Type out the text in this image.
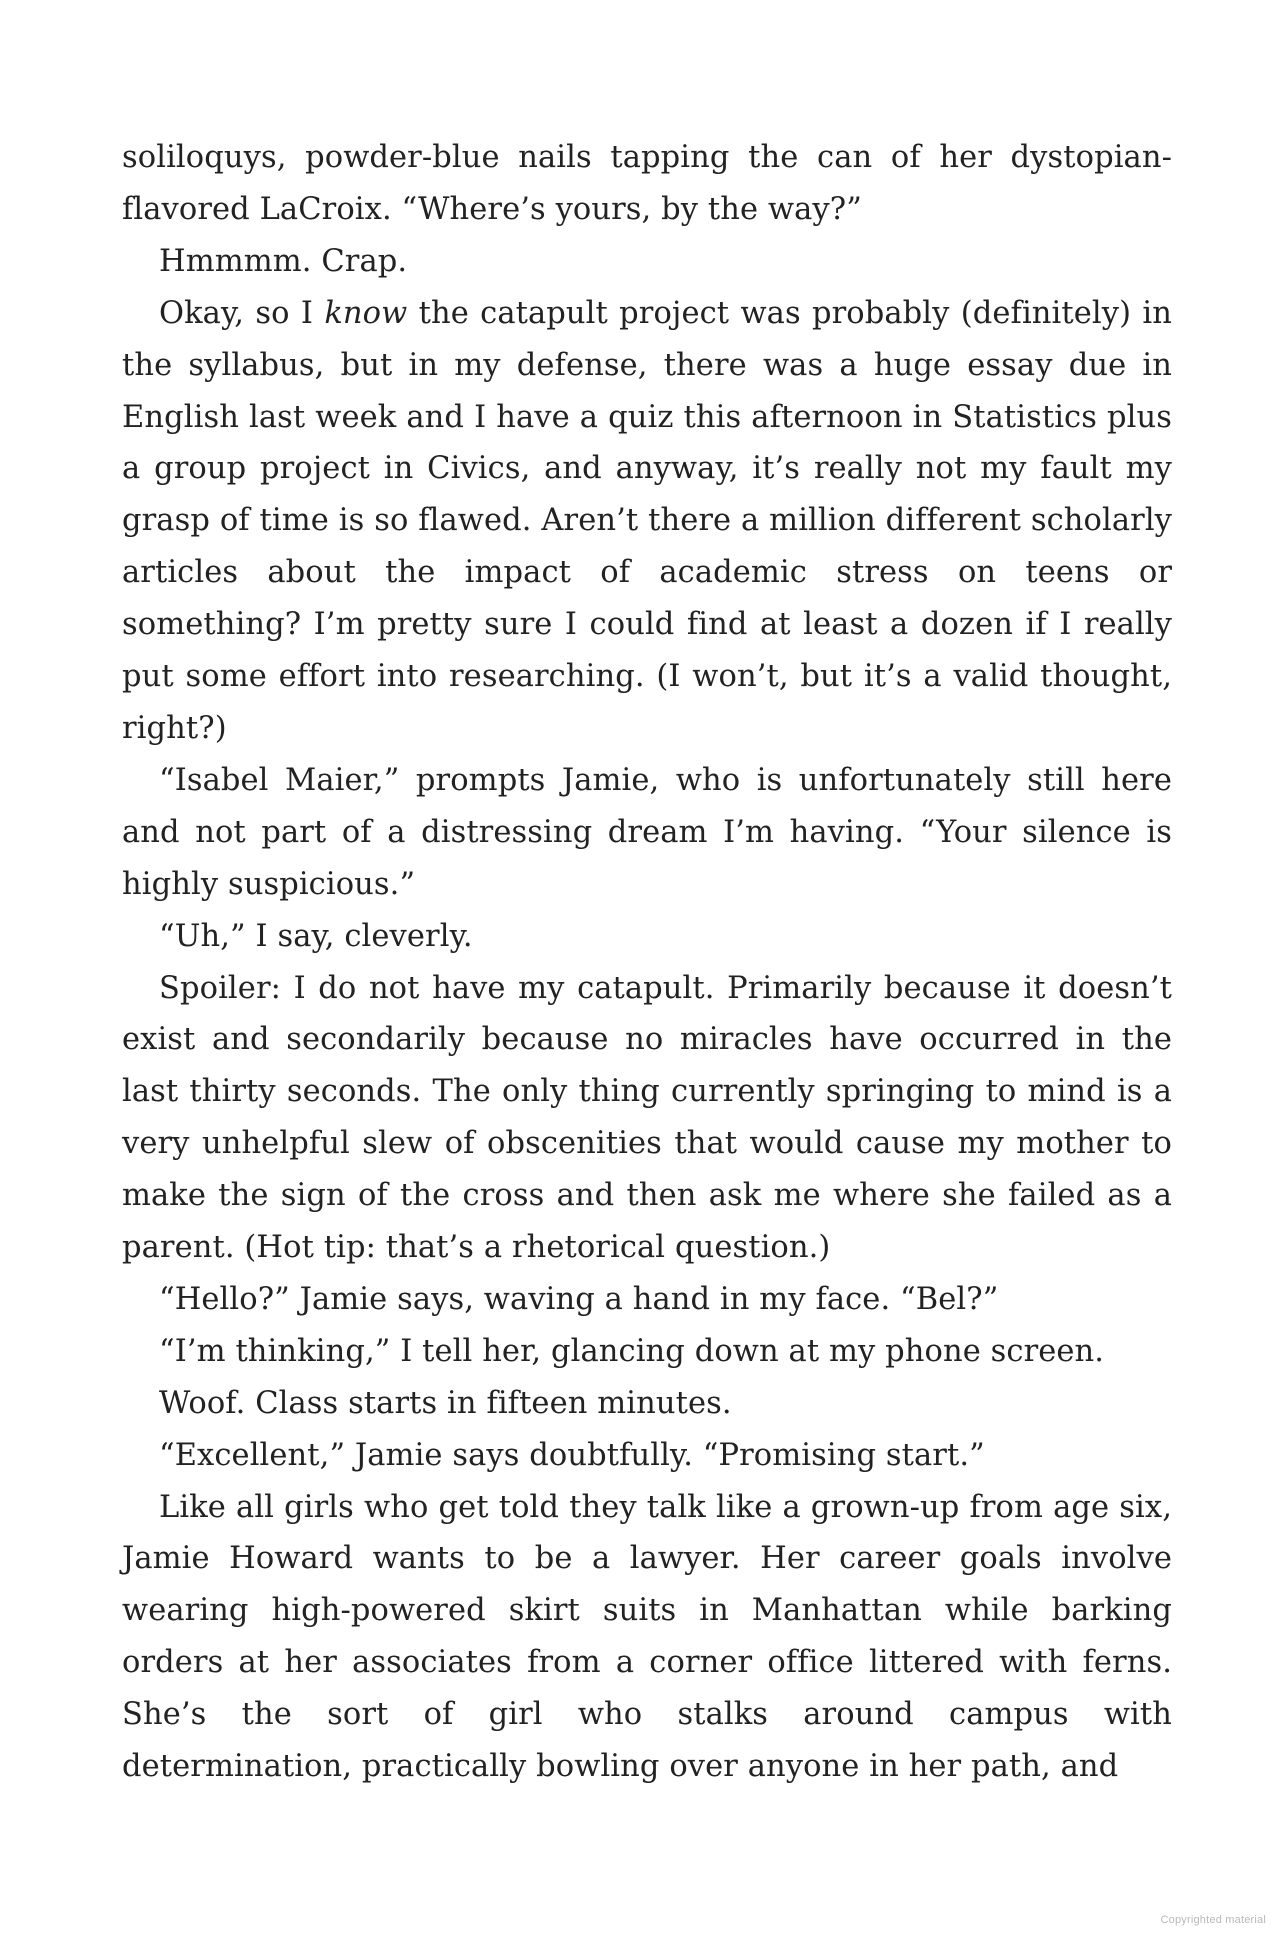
soliloquys, powder-blue nails tapping the can of her dystopian-flavored LaCroix. “Where’s yours, by the way?”

Hmmmm. Crap.

Okay, so I know the catapult project was probably (definitely) in the syllabus, but in my defense, there was a huge essay due in English last week and I have a quiz this afternoon in Statistics plus a group project in Civics, and anyway, it’s really not my fault my grasp of time is so flawed. Aren’t there a million different scholarly articles about the impact of academic stress on teens or something? I’m pretty sure I could find at least a dozen if I really put some effort into researching. (I won’t, but it’s a valid thought, right?)

“Isabel Maier,” prompts Jamie, who is unfortunately still here and not part of a distressing dream I’m having. “Your silence is highly suspicious.”

“Uh,” I say, cleverly.

Spoiler: I do not have my catapult. Primarily because it doesn’t exist and secondarily because no miracles have occurred in the last thirty seconds. The only thing currently springing to mind is a very unhelpful slew of obscenities that would cause my mother to make the sign of the cross and then ask me where she failed as a parent. (Hot tip: that’s a rhetorical question.)

“Hello?” Jamie says, waving a hand in my face. “Bel?”

“I’m thinking,” I tell her, glancing down at my phone screen.

Woof. Class starts in fifteen minutes.

“Excellent,” Jamie says doubtfully. “Promising start.”

Like all girls who get told they talk like a grown-up from age six, Jamie Howard wants to be a lawyer. Her career goals involve wearing high-powered skirt suits in Manhattan while barking orders at her associates from a corner office littered with ferns. She’s the sort of girl who stalks around campus with determination, practically bowling over anyone in her path, and

Copyrighted material
